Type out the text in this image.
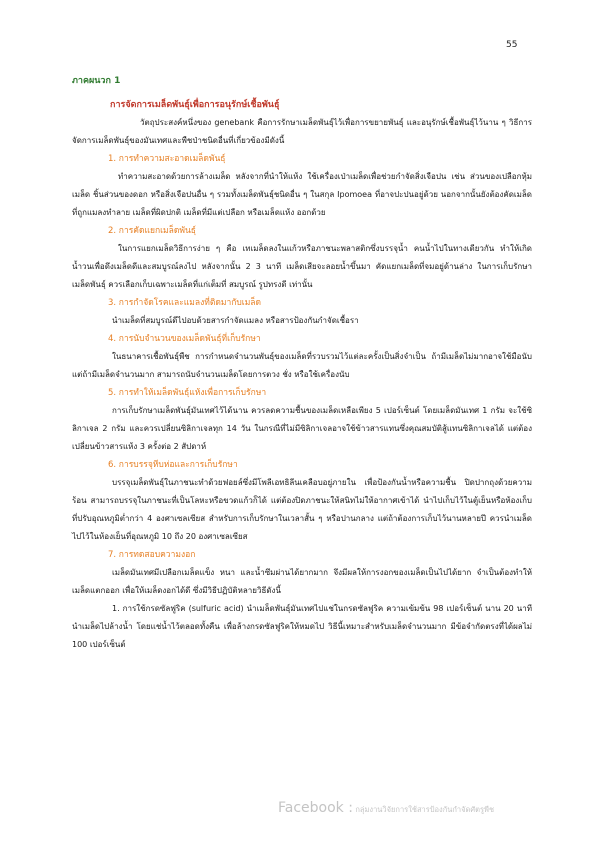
55

ภาคผนวก 1

การจัดการเมล็ดพันธุ์เพื่อการอนุรักษ์เชื้อพันธุ์

วัตถุประสงค์หนึ่งของ genebank คือการรักษาเมล็ดพันธุ์ไว้เพื่อการขยายพันธุ์ และอนุรักษ์เชื้อพันธุ์ไว้นาน ๆ วิธีการจัดการเมล็ดพันธุ์ของมันเทศและพืชป่าชนิดอื่นที่เกี่ยวข้องมีดังนี้

1. การทำความสะอาดเมล็ดพันธุ์

ทำความสะอาดด้วยการล้างเมล็ด หลังจากที่นำให้แห้ง ใช้เครื่องเป่าเมล็ดเพื่อช่วยกำจัดสิ่งเจือปน เช่น ส่วนของเปลือกหุ้มเมล็ด ชิ้นส่วนของดอก หรือสิ่งเจือปนอื่น ๆ รวมทั้งเมล็ดพันธุ์ชนิดอื่น ๆ ในสกุล Ipomoea ที่อาจปะปนอยู่ด้วย นอกจากนั้นยังต้องคัดเมล็ดที่ถูกแมลงทำลาย เมล็ดที่ผิดปกติ เมล็ดที่มีแต่เปลือก หรือเมล็ดแห้ง ออกด้วย

2. การคัดแยกเมล็ดพันธุ์

ในการแยกเมล็ดวิธีการง่าย ๆ คือ เทเมล็ดลงในแก้วหรือภาชนะพลาสติกซึ่งบรรจุน้ำ คนน้ำไปในทางเดียวกัน ทำให้เกิดน้ำวนเพื่อดึงเมล็ดดีและสมบูรณ์ลงไป หลังจากนั้น 2 3 นาที เมล็ดเสียจะลอยน้ำขึ้นมา คัดแยกเมล็ดที่จมอยู่ด้านล่าง ในการเก็บรักษาเมล็ดพันธุ์ ควรเลือกเก็บเฉพาะเมล็ดที่แก่เต็มที่ สมบูรณ์ รูปทรงดี เท่านั้น

3. การกำจัดโรคและแมลงที่ติดมากับเมล็ด

นำเมล็ดที่สมบูรณ์ดีไปอบด้วยสารกำจัดแมลง หรือสารป้องกันกำจัดเชื้อรา

4. การนับจำนวนของเมล็ดพันธุ์ที่เก็บรักษา

ในธนาคารเชื้อพันธุ์พืช การกำหนดจำนวนพันธุ์ของเมล็ดที่รวบรวมไว้แต่ละครั้งเป็นสิ่งจำเป็น ถ้ามีเมล็ดไม่มากอาจใช้มือนับ แต่ถ้ามีเมล็ดจำนวนมาก สามารถนับจำนวนเมล็ดโดยการตวง ชั่ง หรือใช้เครื่องนับ

5. การทำให้เมล็ดพันธุ์แห้งเพื่อการเก็บรักษา

การเก็บรักษาเมล็ดพันธุ์มันเทศไว้ได้นาน ควรลดความชื้นของเมล็ดเหลือเพียง 5 เปอร์เซ็นต์ โดยเมล็ดมันเทศ 1 กรัม จะใช้ซิลิกาเจล 2 กรัม และควรเปลี่ยนซิลิกาเจลทุก 14 วัน ในกรณีที่ไม่มีซิลิกาเจลอาจใช้ข้าวสารแทนซึ่งคุณสมบัติสู้แทนซิลิกาเจลได้ แต่ต้องเปลี่ยนข้าวสารแห้ง 3 ครั้งต่อ 2 สัปดาห์

6. การบรรจุหีบห่อและการเก็บรักษา

บรรจุเมล็ดพันธุ์ในภาชนะทำด้วยฟอยล์ซึ่งมีโพลีเอทธิลีนเคลือบอยู่ภายใน เพื่อป้องกันน้ำหรือความชื้น ปิดปากถุงด้วยความร้อน สามารถบรรจุในภาชนะที่เป็นโลหะหรือขวดแก้วก็ได้ แต่ต้องปิดภาชนะให้สนิทไม่ให้อากาศเข้าได้ นำไปเก็บไว้ในตู้เย็นหรือห้องเก็บที่ปรับอุณหภูมิต่ำกว่า 4 องศาเซลเซียส สำหรับการเก็บรักษาในเวลาสั้น ๆ หรือปานกลาง แต่ถ้าต้องการเก็บไว้นานหลายปี ควรนำเมล็ดไปไว้ในห้องเย็นที่อุณหภูมิ 10 ถึง 20 องศาเซลเซียส

7. การทดสอบความงอก

เมล็ดมันเทศมีเปลือกเมล็ดแข็ง หนา และน้ำซึมผ่านได้ยากมาก จึงมีผลให้การงอกของเมล็ดเป็นไปได้ยาก จำเป็นต้องทำให้เมล็ดแตกออก เพื่อให้เมล็ดงอกได้ดี ซึ่งมีวิธีปฏิบัติหลายวิธีดังนี้

1. การใช้กรดซัลฟูริค (sulfuric acid) นำเมล็ดพันธุ์มันเทศไปแช่ในกรดซัลฟูริค ความเข้มข้น 98 เปอร์เซ็นต์ นาน 20 นาที นำเมล็ดไปล้างน้ำ โดยแช่น้ำไว้ตลอดทั้งคืน เพื่อล้างกรดซัลฟูริคให้หมดไป วิธีนี้เหมาะสำหรับเมล็ดจำนวนมาก มีข้อจำกัดตรงที่ได้ผลไม่ 100 เปอร์เซ็นต์

Facebook : กลุ่มงานวิจัยการใช้สารป้องกันกำจัดศัตรูพืช
